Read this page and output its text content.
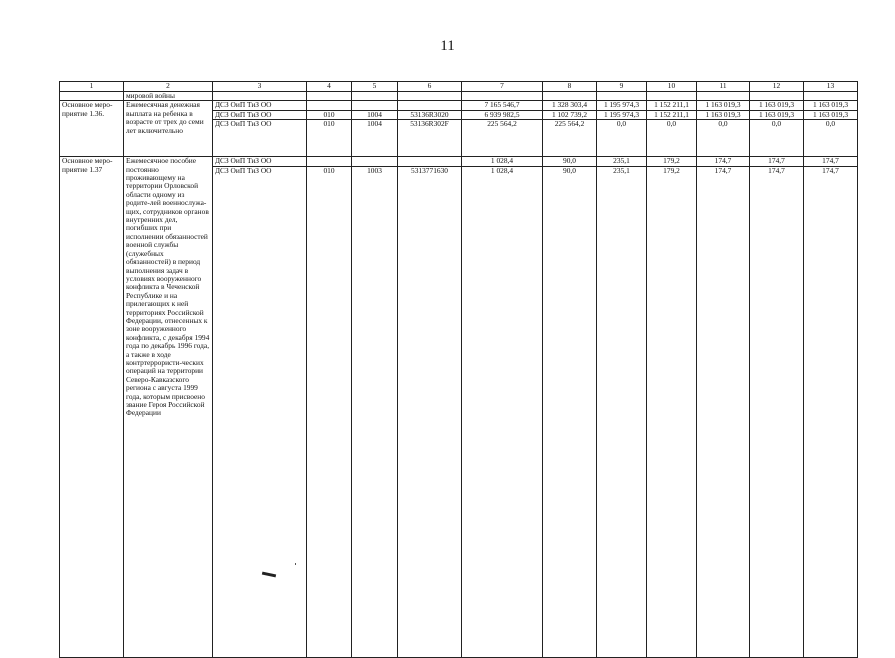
11
1	2	3	4	5	6	7	8	9	10	11	12	13
	мировой войны											
Основное меро-приятие 1.36.	Ежемесячная денежная выплата на ребенка в возрасте от трех до семи лет включительно	ДСЗ ОиП ТиЗ ОО				7 165 546,7	1 328 303,4	1 195 974,3	1 152 211,1	1 163 019,3	1 163 019,3	1 163 019,3
		ДСЗ ОиП ТиЗ ОО	010	1004	53136R3020	6 939 982,5	1 102 739,2	1 195 974,3	1 152 211,1	1 163 019,3	1 163 019,3	1 163 019,3
		ДСЗ ОиП ТиЗ ОО	010	1004	53136R302F	225 564,2	225 564,2	0,0	0,0	0,0	0,0	0,0
Основное меро-приятие 1.37	Ежемесячное пособие постоянно проживающему на территории Орловской области одному из родите-лей военнослужа-щих, сотрудников органов внутренних дел, погибших при исполнении обязанностей военной службы (служебных обязанностей) в период выполнения задач в условиях вооруженного конфликта в Чеченской Республике и на прилегающих к ней территориях Российской Федерации, отнесенных к зоне вооруженного конфликта, с декабря 1994 года по декабрь 1996 года, а также в ходе контртеррористи-ческих операций на территории Северо-Кавказского региона с августа 1999 года, которым присвоено звание Героя Российской Федерации	ДСЗ ОиП ТиЗ ОО				1 028,4	90,0	235,1	179,2	174,7	174,7	174,7
		ДСЗ ОиП ТиЗ ОО	010	1003	5313771630	1 028,4	90,0	235,1	179,2	174,7	174,7	174,7
